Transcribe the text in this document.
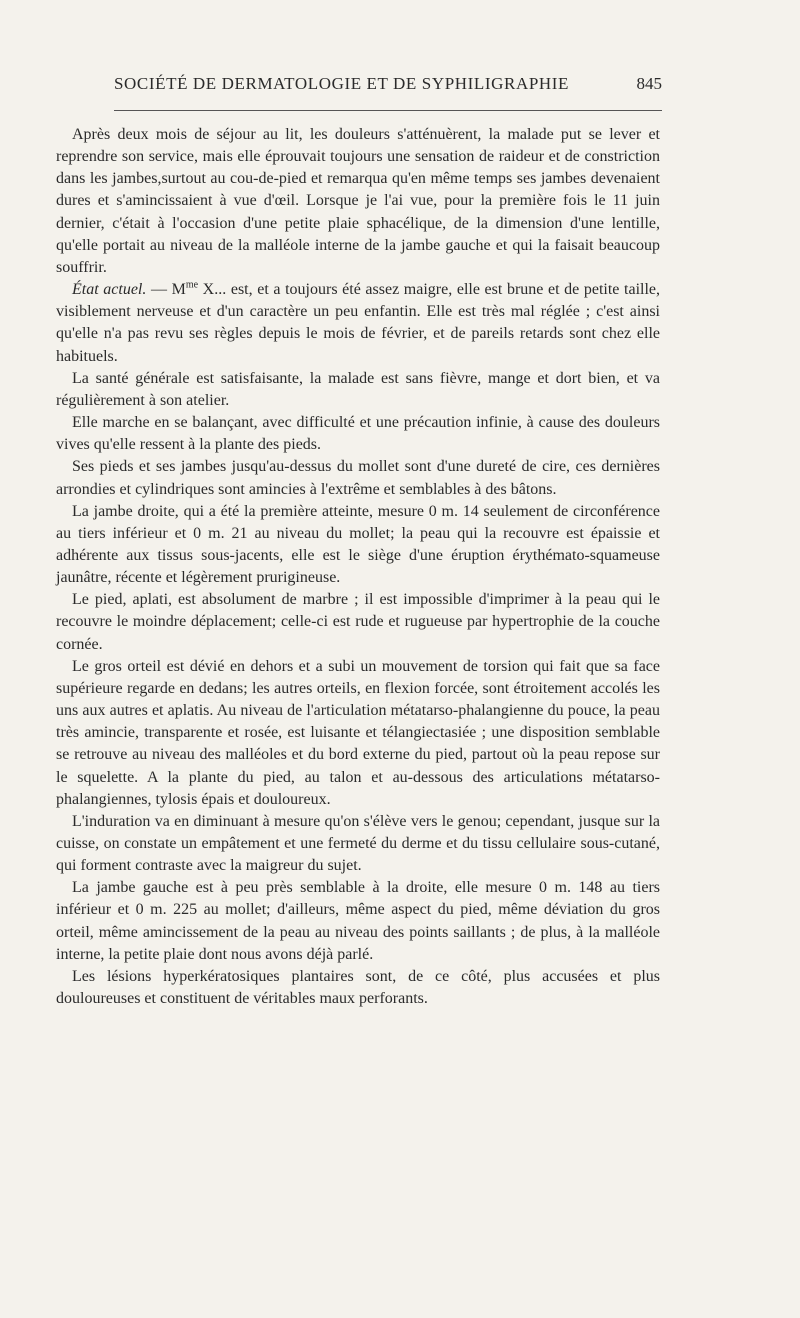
SOCIÉTÉ DE DERMATOLOGIE ET DE SYPHILIGRAPHIE	845

Après deux mois de séjour au lit, les douleurs s'atténuèrent, la malade put se lever et reprendre son service, mais elle éprouvait toujours une sensation de raideur et de constriction dans les jambes,surtout au cou-de-pied et remarqua qu'en même temps ses jambes devenaient dures et s'amincissaient à vue d'œil. Lorsque je l'ai vue, pour la première fois le 11 juin dernier, c'était à l'occasion d'une petite plaie sphacélique, de la dimension d'une lentille, qu'elle portait au niveau de la malléole interne de la jambe gauche et qui la faisait beaucoup souffrir.

État actuel. — $M^{me}$ X... est, et a toujours été assez maigre, elle est brune et de petite taille, visiblement nerveuse et d'un caractère un peu enfantin. Elle est très mal réglée ; c'est ainsi qu'elle n'a pas revu ses règles depuis le mois de février, et de pareils retards sont chez elle habituels.

La santé générale est satisfaisante, la malade est sans fièvre, mange et dort bien, et va régulièrement à son atelier.

Elle marche en se balançant, avec difficulté et une précaution infinie, à cause des douleurs vives qu'elle ressent à la plante des pieds.

Ses pieds et ses jambes jusqu'au-dessus du mollet sont d'une dureté de cire, ces dernières arrondies et cylindriques sont amincies à l'extrême et semblables à des bâtons.

La jambe droite, qui a été la première atteinte, mesure 0 m. 14 seulement de circonférence au tiers inférieur et 0 m. 21 au niveau du mollet; la peau qui la recouvre est épaissie et adhérente aux tissus sous-jacents, elle est le siège d'une éruption érythémato-squameuse jaunâtre, récente et légèrement prurigineuse.

Le pied, aplati, est absolument de marbre ; il est impossible d'imprimer à la peau qui le recouvre le moindre déplacement; celle-ci est rude et rugueuse par hypertrophie de la couche cornée.

Le gros orteil est dévié en dehors et a subi un mouvement de torsion qui fait que sa face supérieure regarde en dedans; les autres orteils, en flexion forcée, sont étroitement accolés les uns aux autres et aplatis. Au niveau de l'articulation métatarso-phalangienne du pouce, la peau très amincie, transparente et rosée, est luisante et télangiectasiée ; une disposition semblable se retrouve au niveau des malléoles et du bord externe du pied, partout où la peau repose sur le squelette. A la plante du pied, au talon et au-dessous des articulations métatarso-phalangiennes, tylosis épais et douloureux.

L'induration va en diminuant à mesure qu'on s'élève vers le genou; cependant, jusque sur la cuisse, on constate un empâtement et une fermeté du derme et du tissu cellulaire sous-cutané, qui forment contraste avec la maigreur du sujet.

La jambe gauche est à peu près semblable à la droite, elle mesure 0 m. 148 au tiers inférieur et 0 m. 225 au mollet; d'ailleurs, même aspect du pied, même déviation du gros orteil, même amincissement de la peau au niveau des points saillants ; de plus, à la malléole interne, la petite plaie dont nous avons déjà parlé.

Les lésions hyperkératosiques plantaires sont, de ce côté, plus accusées et plus douloureuses et constituent de véritables maux perforants.
